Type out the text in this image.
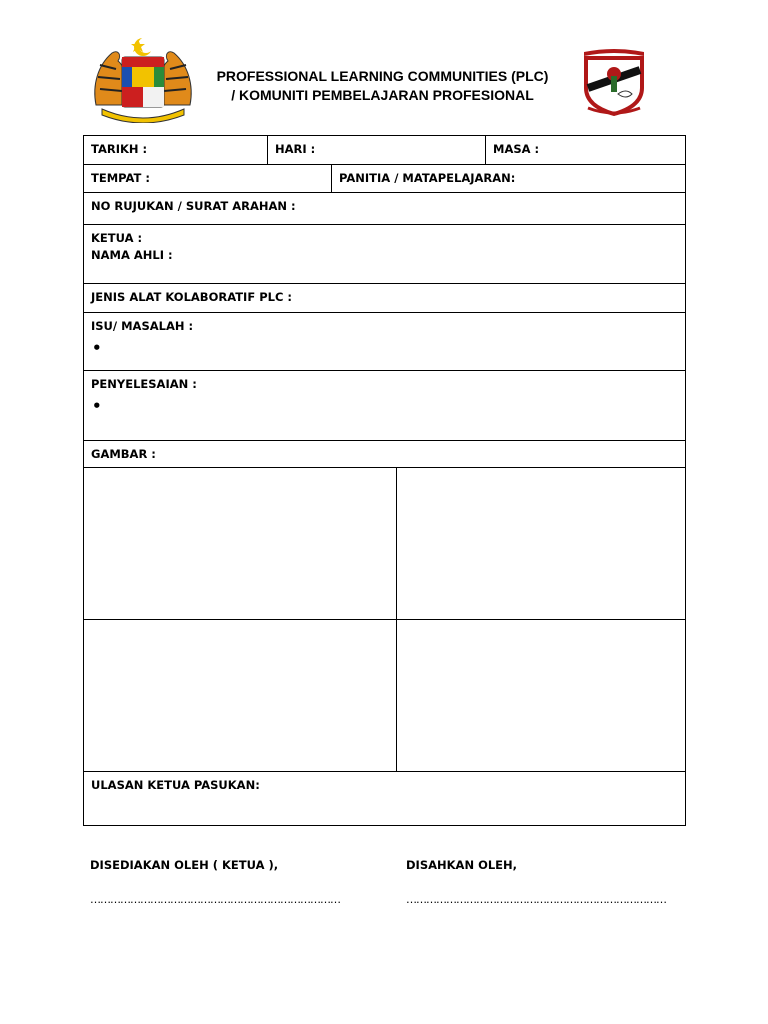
PROFESSIONAL LEARNING COMMUNITIES (PLC)
/ KOMUNITI PEMBELAJARAN PROFESIONAL
TARIKH :	HARI :	MASA :
TEMPAT :	PANITIA / MATAPELAJARAN:
NO RUJUKAN / SURAT ARAHAN :
KETUA :
NAMA AHLI :
JENIS ALAT KOLABORATIF PLC :
ISU/ MASALAH :
•
PENYELESAIAN :
•
GAMBAR :
ULASAN KETUA PASUKAN:
DISEDIAKAN OLEH ( KETUA ),	DISAHKAN OLEH,
…………………………………………………………………	……………………………………………………………………
